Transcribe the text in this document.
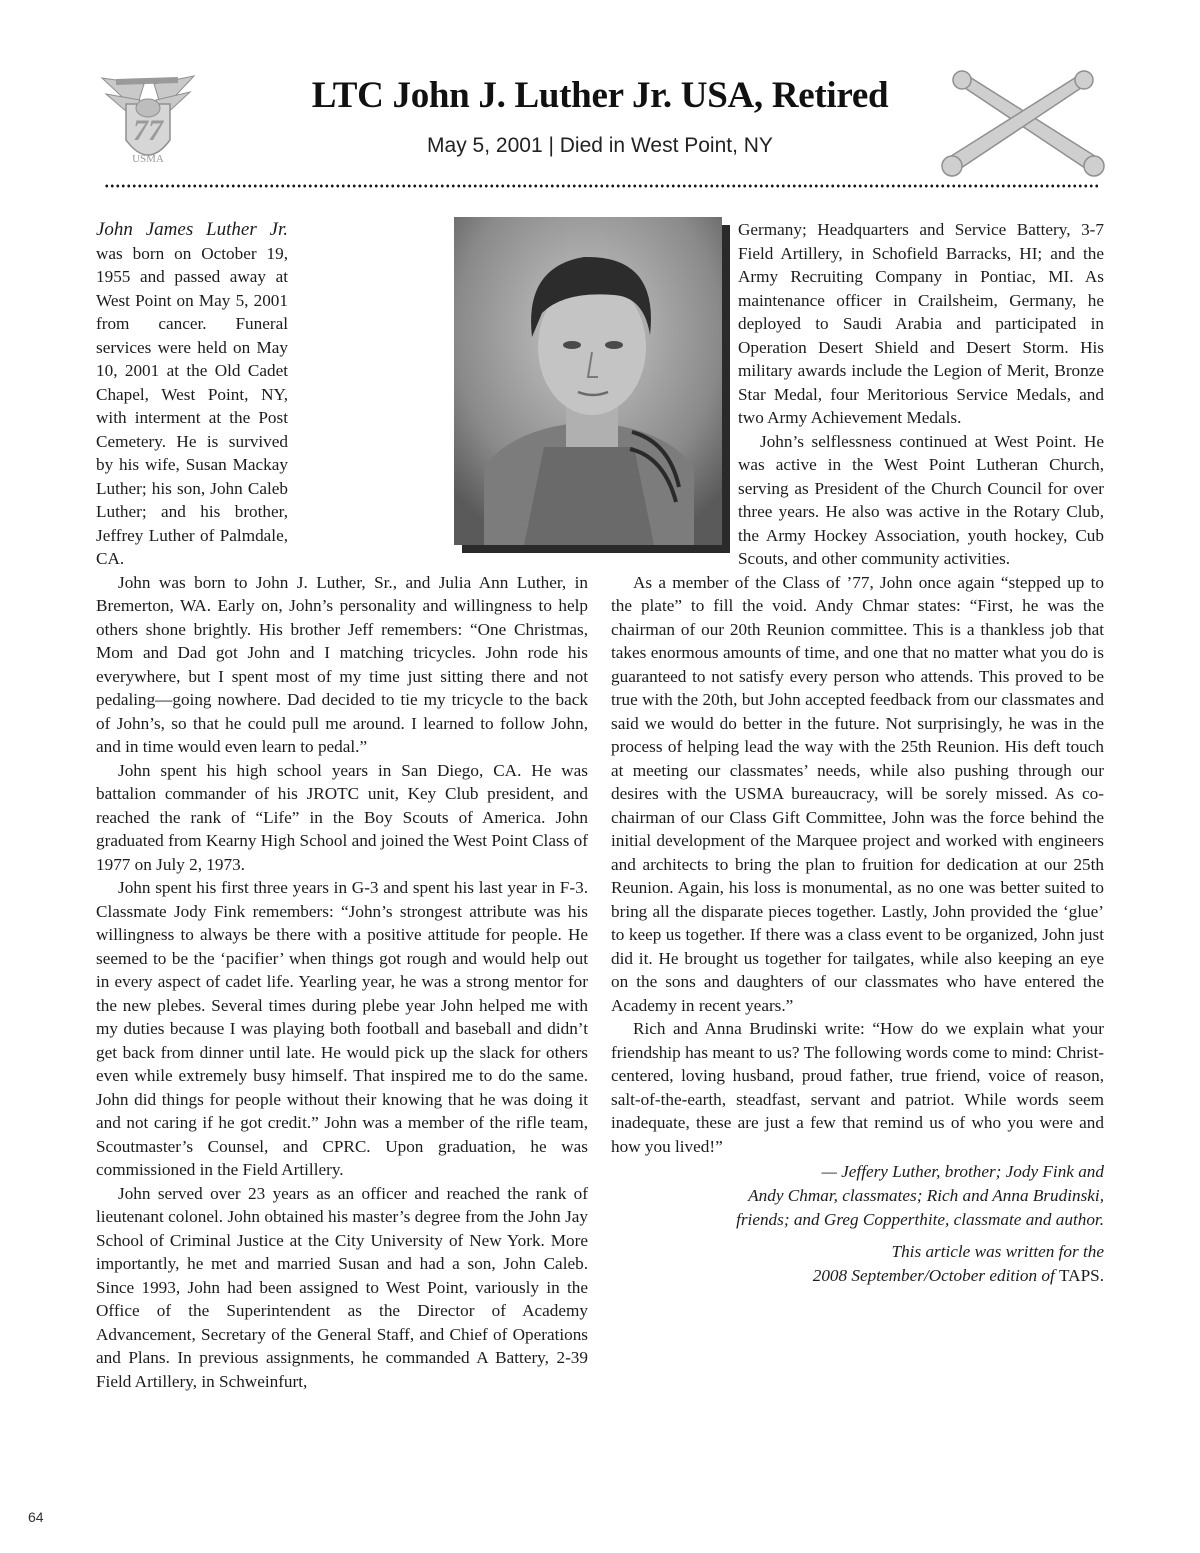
77
USMA
LTC John J. Luther Jr. USA, Retired
May 5, 2001 | Died in West Point, NY

John James Luther Jr. was born on October 19, 1955 and passed away at West Point on May 5, 2001 from cancer. Funeral services were held on May 10, 2001 at the Old Cadet Chapel, West Point, NY, with interment at the Post Cemetery. He is survived by his wife, Susan Mackay Luther; his son, John Caleb Luther; and his brother, Jeffrey Luther of Palmdale, CA.

John was born to John J. Luther, Sr., and Julia Ann Luther, in Bremerton, WA. Early on, John’s personality and willingness to help others shone brightly. His brother Jeff remembers: “One Christmas, Mom and Dad got John and I matching tricycles. John rode his everywhere, but I spent most of my time just sitting there and not pedaling—going nowhere. Dad decided to tie my tricycle to the back of John’s, so that he could pull me around. I learned to follow John, and in time would even learn to pedal.”

John spent his high school years in San Diego, CA. He was battalion commander of his JROTC unit, Key Club president, and reached the rank of “Life” in the Boy Scouts of America. John graduated from Kearny High School and joined the West Point Class of 1977 on July 2, 1973.

John spent his first three years in G-3 and spent his last year in F-3. Classmate Jody Fink remembers: “John’s strongest attribute was his willingness to always be there with a positive attitude for people. He seemed to be the ‘pacifier’ when things got rough and would help out in every aspect of cadet life. Yearling year, he was a strong mentor for the new plebes. Several times during plebe year John helped me with my duties because I was playing both football and baseball and didn’t get back from dinner until late. He would pick up the slack for others even while extremely busy himself. That inspired me to do the same. John did things for people without their knowing that he was doing it and not caring if he got credit.” John was a member of the rifle team, Scoutmaster’s Counsel, and CPRC. Upon graduation, he was commissioned in the Field Artillery.

John served over 23 years as an officer and reached the rank of lieutenant colonel. John obtained his master’s degree from the John Jay School of Criminal Justice at the City University of New York. More importantly, he met and married Susan and had a son, John Caleb. Since 1993, John had been assigned to West Point, variously in the Office of the Superintendent as the Director of Academy Advancement, Secretary of the General Staff, and Chief of Operations and Plans. In previous assignments, he commanded A Battery, 2-39 Field Artillery, in Schweinfurt,

Germany; Headquarters and Service Battery, 3-7 Field Artillery, in Schofield Barracks, HI; and the Army Recruiting Company in Pontiac, MI. As maintenance officer in Crailsheim, Germany, he deployed to Saudi Arabia and participated in Operation Desert Shield and Desert Storm. His military awards include the Legion of Merit, Bronze Star Medal, four Meritorious Service Medals, and two Army Achievement Medals.

John’s selflessness continued at West Point. He was active in the West Point Lutheran Church, serving as President of the Church Council for over three years. He also was active in the Rotary Club, the Army Hockey Association, youth hockey, Cub Scouts, and other community activities.

As a member of the Class of ’77, John once again “stepped up to the plate” to fill the void. Andy Chmar states: “First, he was the chairman of our 20th Reunion committee. This is a thankless job that takes enormous amounts of time, and one that no matter what you do is guaranteed to not satisfy every person who attends. This proved to be true with the 20th, but John accepted feedback from our classmates and said we would do better in the future. Not surprisingly, he was in the process of helping lead the way with the 25th Reunion. His deft touch at meeting our classmates’ needs, while also pushing through our desires with the USMA bureaucracy, will be sorely missed. As co-chairman of our Class Gift Committee, John was the force behind the initial development of the Marquee project and worked with engineers and architects to bring the plan to fruition for dedication at our 25th Reunion. Again, his loss is monumental, as no one was better suited to bring all the disparate pieces together. Lastly, John provided the ‘glue’ to keep us together. If there was a class event to be organized, John just did it. He brought us together for tailgates, while also keeping an eye on the sons and daughters of our classmates who have entered the Academy in recent years.”

Rich and Anna Brudinski write: “How do we explain what your friendship has meant to us? The following words come to mind: Christ-centered, loving husband, proud father, true friend, voice of reason, salt-of-the-earth, steadfast, servant and patriot. While words seem inadequate, these are just a few that remind us of who you were and how you lived!”

— Jeffery Luther, brother; Jody Fink and
Andy Chmar, classmates; Rich and Anna Brudinski,
friends; and Greg Copperthite, classmate and author.
This article was written for the
2008 September/October edition of TAPS.
64
